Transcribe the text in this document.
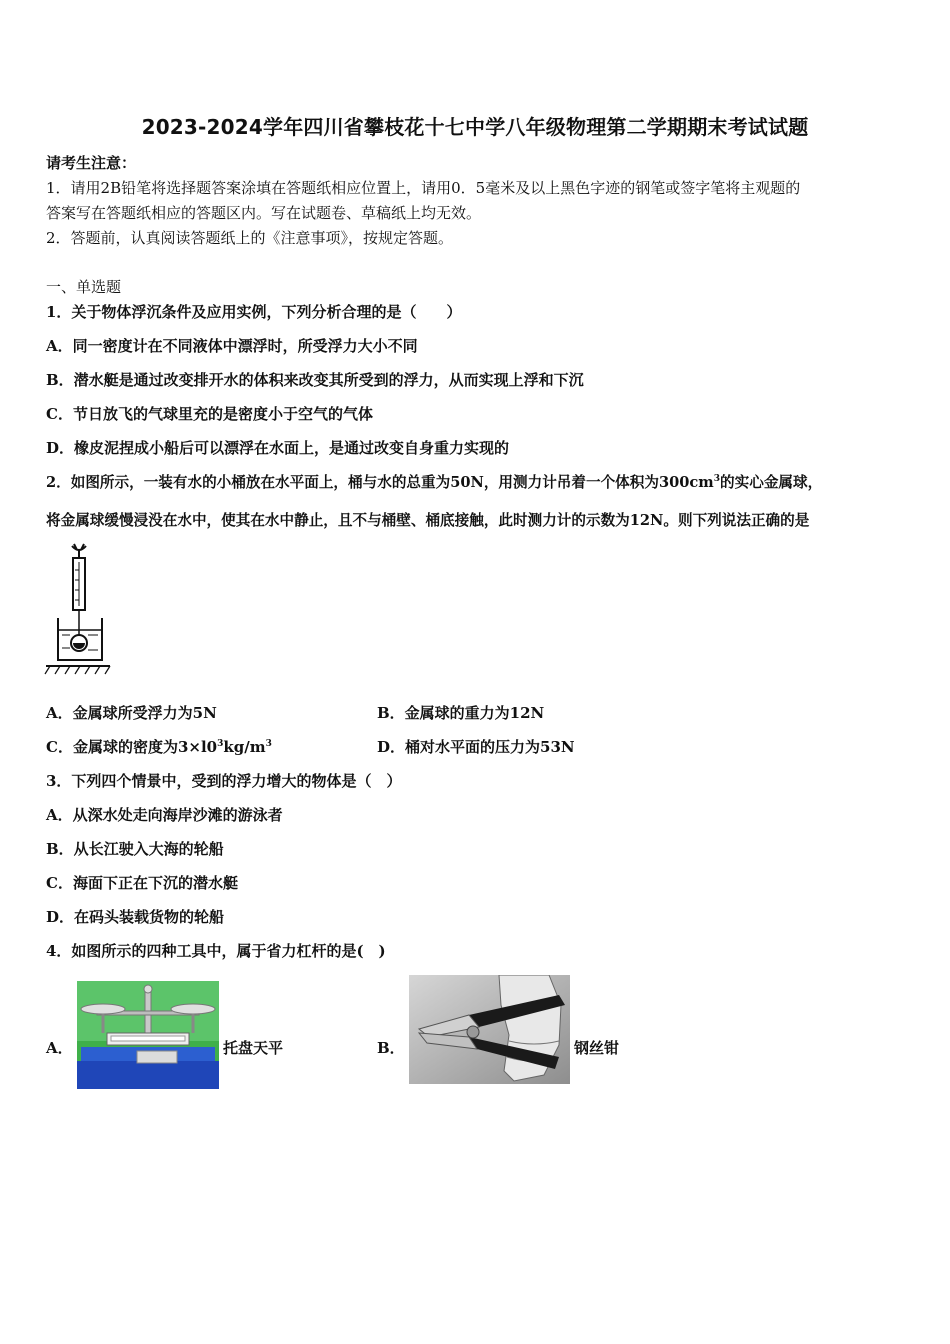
2023-2024学年四川省攀枝花十七中学八年级物理第二学期期末考试试题
请考生注意：
1．请用2B铅笔将选择题答案涂填在答题纸相应位置上，请用0．5毫米及以上黑色字迹的钢笔或签字笔将主观题的
答案写在答题纸相应的答题区内。写在试题卷、草稿纸上均无效。
2．答题前，认真阅读答题纸上的《注意事项》，按规定答题。
一、单选题
1．关于物体浮沉条件及应用实例，下列分析合理的是（　　）
A．同一密度计在不同液体中漂浮时，所受浮力大小不同
B．潜水艇是通过改变排开水的体积来改变其所受到的浮力，从而实现上浮和下沉
C．节日放飞的气球里充的是密度小于空气的气体
D．橡皮泥捏成小船后可以漂浮在水面上，是通过改变自身重力实现的
2．如图所示，一装有水的小桶放在水平面上，桶与水的总重为50N，用测力计吊着一个体积为$300cm^3$的实心金属球，
将金属球缓慢浸没在水中，使其在水中静止，且不与桶壁、桶底接触，此时测力计的示数为12N。则下列说法正确的是
A．金属球所受浮力为5N	B．金属球的重力为12N
C．金属球的密度为$3\times l0^3kg/m^3$	D．桶对水平面的压力为53N
3．下列四个情景中，受到的浮力增大的物体是（　）
A．从深水处走向海岸沙滩的游泳者
B．从长江驶入大海的轮船
C．海面下正在下沉的潜水艇
D．在码头装载货物的轮船
4．如图所示的四种工具中，属于省力杠杆的是(　)
A．	托盘天平	B．	钢丝钳
